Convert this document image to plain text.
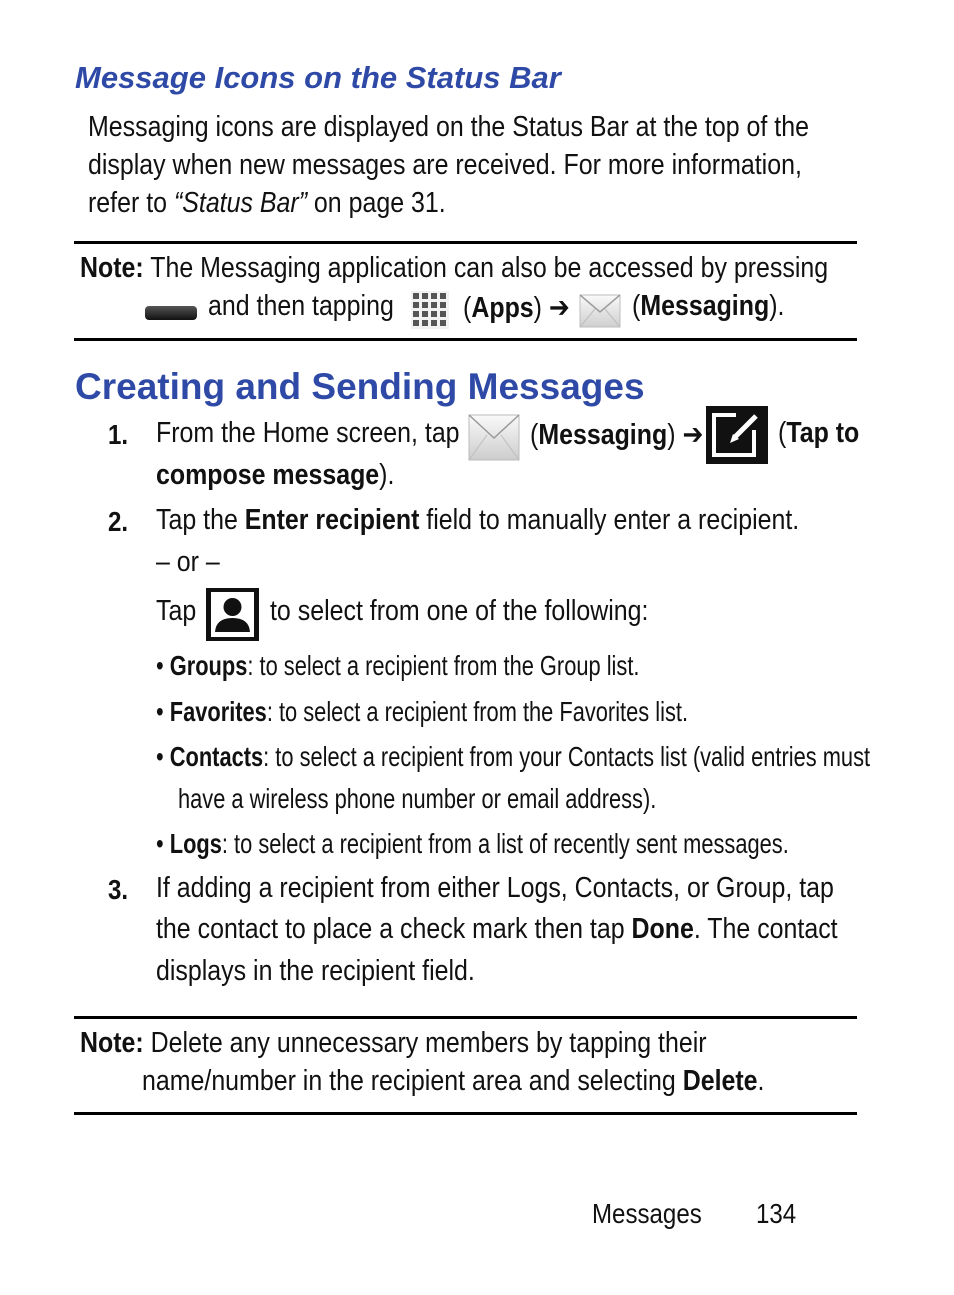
Message Icons on the Status Bar
Messaging icons are displayed on the Status Bar at the top of the
display when new messages are received. For more information,
refer to “Status Bar” on page 31.
Note: The Messaging application can also be accessed by pressing
and then tapping	(Apps) ➔	(Messaging).
Creating and Sending Messages
1. From the Home screen, tap	(Messaging) ➔	(Tap to
compose message).
2. Tap the Enter recipient field to manually enter a recipient.
– or –
Tap	to select from one of the following:
• Groups: to select a recipient from the Group list.
• Favorites: to select a recipient from the Favorites list.
• Contacts: to select a recipient from your Contacts list (valid entries must
have a wireless phone number or email address).
• Logs: to select a recipient from a list of recently sent messages.
3. If adding a recipient from either Logs, Contacts, or Group, tap
the contact to place a check mark then tap Done. The contact
displays in the recipient field.
Note: Delete any unnecessary members by tapping their
name/number in the recipient area and selecting Delete.
Messages	134
